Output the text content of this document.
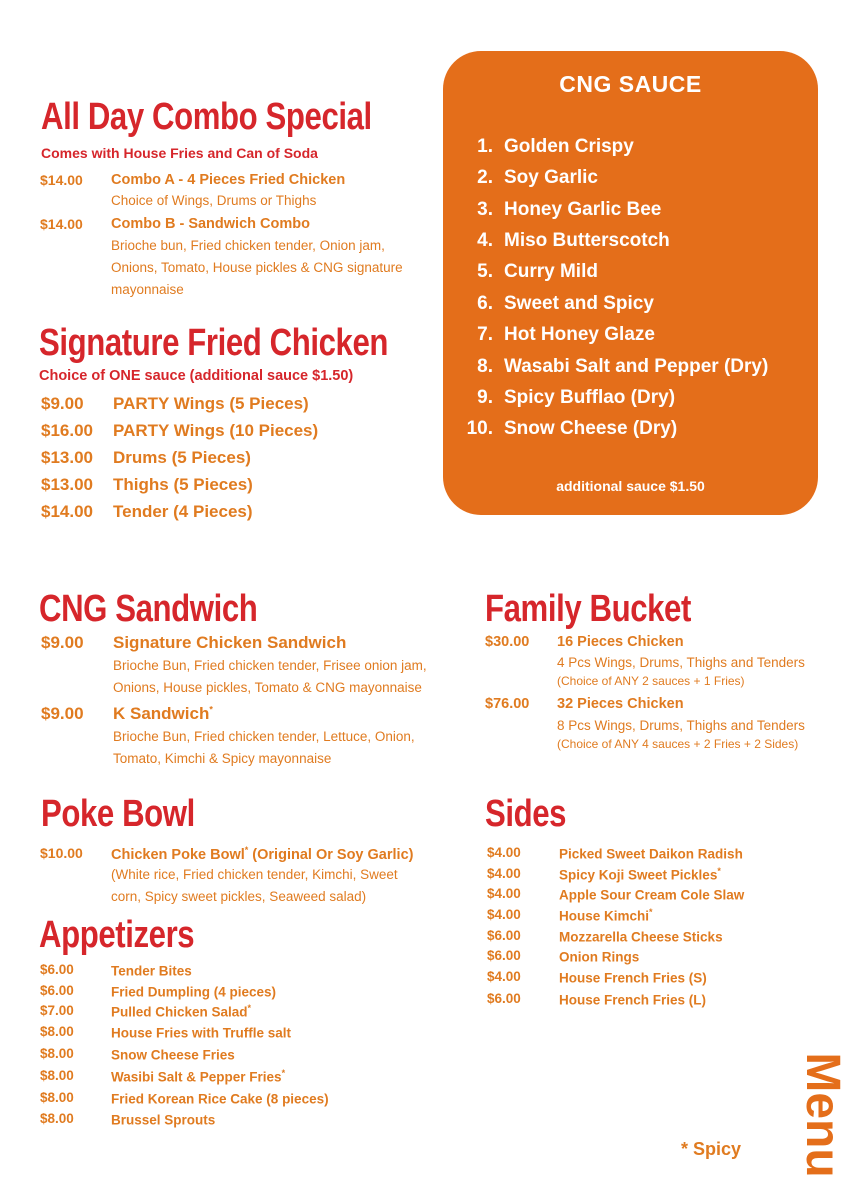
All Day Combo Special

Comes with House Fries and Can of Soda

$14.00 Combo A - 4 Pieces Fried Chicken
Choice of Wings, Drums or Thighs
$14.00 Combo B - Sandwich Combo
Brioche bun, Fried chicken tender, Onion jam,
Onions, Tomato, House pickles & CNG signature
mayonnaise
Signature Fried Chicken

Choice of ONE sauce (additional sauce $1.50)

$9.00 PARTY Wings (5 Pieces)
$16.00 PARTY Wings (10 Pieces)
$13.00 Drums (5 Pieces)
$13.00 Thighs (5 Pieces)
$14.00 Tender (4 Pieces)
CNG SAUCE
1. Golden Crispy
2. Soy Garlic
3. Honey Garlic Bee
4. Miso Butterscotch
5. Curry Mild
6. Sweet and Spicy
7. Hot Honey Glaze
8. Wasabi Salt and Pepper (Dry)
9. Spicy Bufflao (Dry)
10. Snow Cheese (Dry)
additional sauce $1.50
CNG Sandwich
$9.00 Signature Chicken Sandwich
Brioche Bun, Fried chicken tender, Frisee onion jam,
Onions, House pickles, Tomato & CNG mayonnaise
$9.00 K Sandwich*
Brioche Bun, Fried chicken tender, Lettuce, Onion,
Tomato, Kimchi & Spicy mayonnaise
Family Bucket
$30.00 16 Pieces Chicken
4 Pcs Wings, Drums, Thighs and Tenders
(Choice of ANY 2 sauces + 1 Fries)
$76.00 32 Pieces Chicken
8 Pcs Wings, Drums, Thighs and Tenders
(Choice of ANY 4 sauces + 2 Fries + 2 Sides)
Poke Bowl
$10.00 Chicken Poke Bowl* (Original Or Soy Garlic)
(White rice, Fried chicken tender, Kimchi, Sweet
corn, Spicy sweet pickles, Seaweed salad)
Appetizers
$6.00	Tender Bites
$6.00	Fried Dumpling (4 pieces)
$7.00	Pulled Chicken Salad*
$8.00	House Fries with Truffle salt
$8.00	Snow Cheese Fries
$8.00	Wasibi Salt & Pepper Fries*
$8.00	Fried Korean Rice Cake (8 pieces)
$8.00	Brussel Sprouts
Sides
$4.00	Picked Sweet Daikon Radish
$4.00	Spicy Koji Sweet Pickles*
$4.00	Apple Sour Cream Cole Slaw
$4.00	House Kimchi*
$6.00	Mozzarella Cheese Sticks
$6.00	Onion Rings
$4.00	House French Fries (S)
$6.00	House French Fries (L)
* Spicy Menu
